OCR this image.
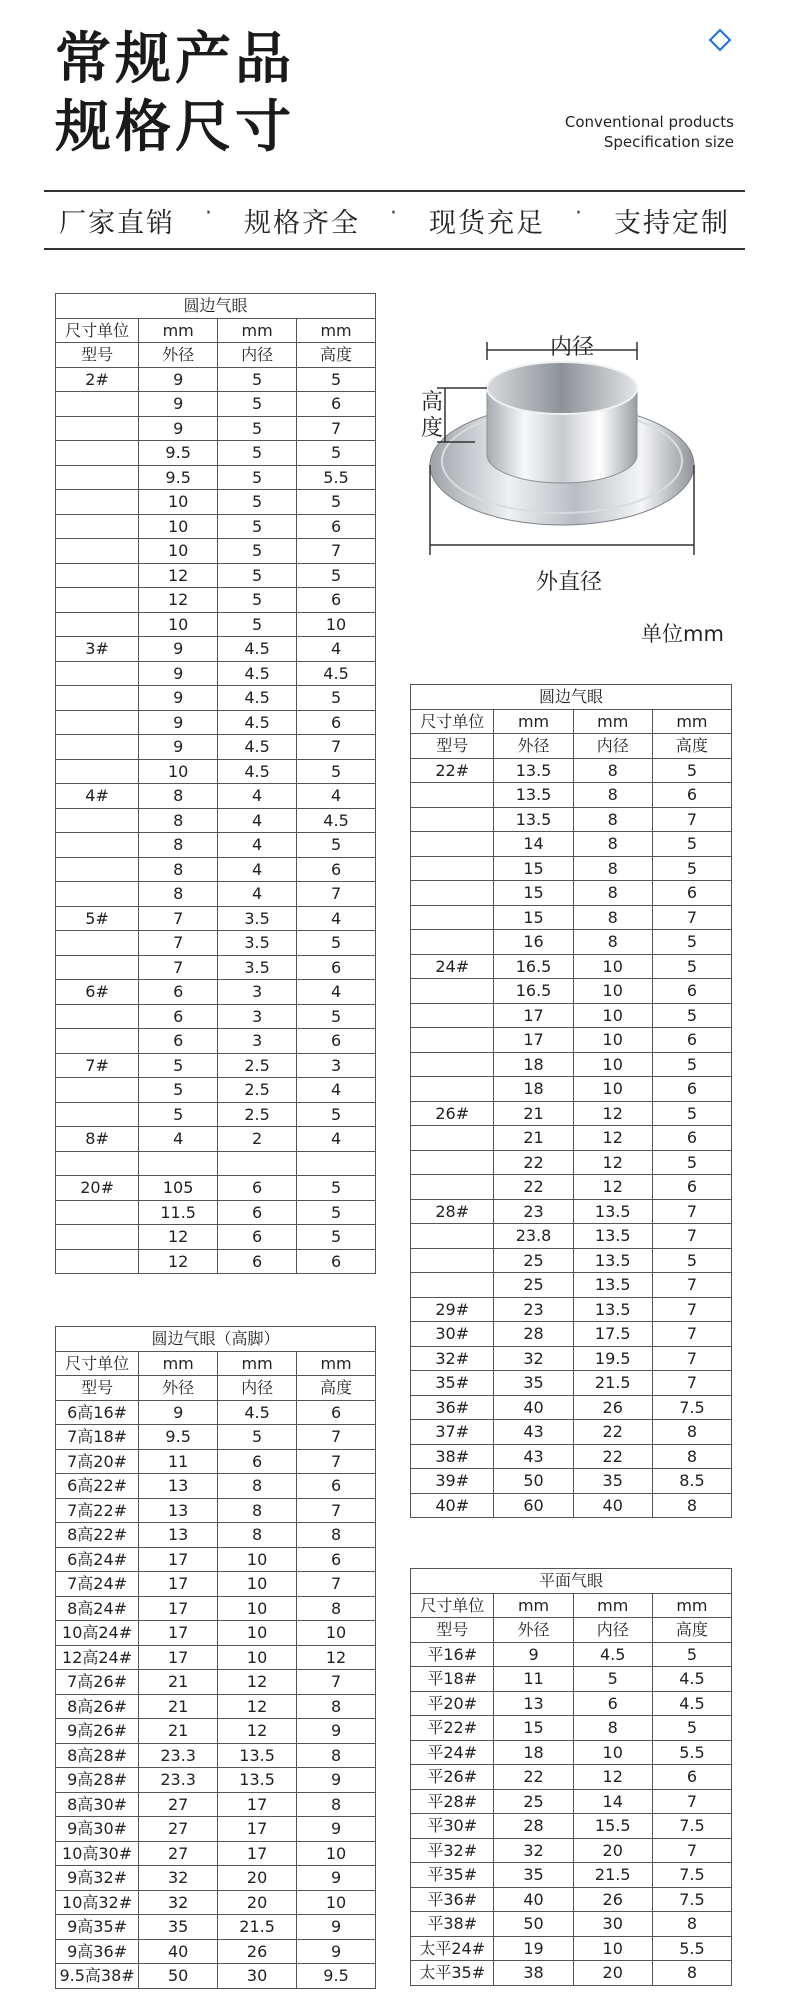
常规产品
规格尺寸	Conventional products
Specification size
厂家直销 · 规格齐全 · 现货充足 · 支持定制
内径
高度
外直径
单位mm
圆边气眼			
尺寸单位	mm	mm	mm
型号	外径	内径	高度
2#	9	5	5
	9	5	6
	9	5	7
	9.5	5	5
	9.5	5	5.5
	10	5	5
	10	5	6
	10	5	7
	12	5	5
	12	5	6
	10	5	10
3#	9	4.5	4
	9	4.5	4.5
	9	4.5	5
	9	4.5	6
	9	4.5	7
	10	4.5	5
4#	8	4	4
	8	4	4.5
	8	4	5
	8	4	6
	8	4	7
5#	7	3.5	4
	7	3.5	5
	7	3.5	6
6#	6	3	4
	6	3	5
	6	3	6
7#	5	2.5	3
	5	2.5	4
	5	2.5	5
8#	4	2	4

20#	105	6	5
	11.5	6	5
	12	6	5
	12	6	6
圆边气眼（高脚）			
尺寸单位	mm	mm	mm
型号	外径	内径	高度
6高16#	9	4.5	6
7高18#	9.5	5	7
7高20#	11	6	7
6高22#	13	8	6
7高22#	13	8	7
8高22#	13	8	8
6高24#	17	10	6
7高24#	17	10	7
8高24#	17	10	8
10高24#	17	10	10
12高24#	17	10	12
7高26#	21	12	7
8高26#	21	12	8
9高26#	21	12	9
8高28#	23.3	13.5	8
9高28#	23.3	13.5	9
8高30#	27	17	8
9高30#	27	17	9
10高30#	27	17	10
9高32#	32	20	9
10高32#	32	20	10
9高35#	35	21.5	9
9高36#	40	26	9
9.5高38#	50	30	9.5
圆边气眼			
尺寸单位	mm	mm	mm
型号	外径	内径	高度
22#	13.5	8	5
	13.5	8	6
	13.5	8	7
	14	8	5
	15	8	5
	15	8	6
	15	8	7
	16	8	5
24#	16.5	10	5
	16.5	10	6
	17	10	5
	17	10	6
	18	10	5
	18	10	6
26#	21	12	5
	21	12	6
	22	12	5
	22	12	6
28#	23	13.5	7
	23.8	13.5	7
	25	13.5	5
	25	13.5	7
29#	23	13.5	7
30#	28	17.5	7
32#	32	19.5	7
35#	35	21.5	7
36#	40	26	7.5
37#	43	22	8
38#	43	22	8
39#	50	35	8.5
40#	60	40	8
平面气眼			
尺寸单位	mm	mm	mm
型号	外径	内径	高度
平16#	9	4.5	5
平18#	11	5	4.5
平20#	13	6	4.5
平22#	15	8	5
平24#	18	10	5.5
平26#	22	12	6
平28#	25	14	7
平30#	28	15.5	7.5
平32#	32	20	7
平35#	35	21.5	7.5
平36#	40	26	7.5
平38#	50	30	8
太平24#	19	10	5.5
太平35#	38	20	8
